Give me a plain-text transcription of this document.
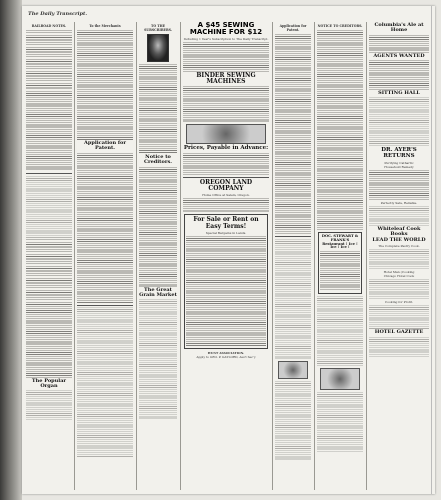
The Daily Transcript.
RAILROAD NOTES.
The Popular Organ
To the Merchants
Application for Patent.
TO THE SUBSCRIBERS.
Notice to Creditors.
The Great Grain Market
A $45 SEWING MACHINE FOR $12
Including 1 Year's Subscription to The Daily Transcript.
BINDER SEWING MACHINES
Prices, Payable in Advance:
OREGON LAND COMPANY
Home Office at Salem, Oregon.
For Sale or Rent on Easy Terms!
Special Bargains in Lands.
HUNT ASSOCIATION.
Apply to GEO. P. GAYLORD, Ass't Sec'y
Application for Patent.
NOTICE TO CREDITORS.
DOC. STEWART & FRANK'S Restaurant ! Ice ! Ice ! Ice !
Columbia's Ale at Home
AGENTS WANTED
SITTING HALL
DR. AYER'S RETURNS
Purifying Cathartic
Household Remedy
Perfectly Safe, Reliable.
Whiteleaf Cook Books
LEAD THE WORLD
The Complete Pastry Cook.
Hotel Man (Cooking
Chicago Hotel Cook
Cooking for Profit.
HOTEL GAZETTE
